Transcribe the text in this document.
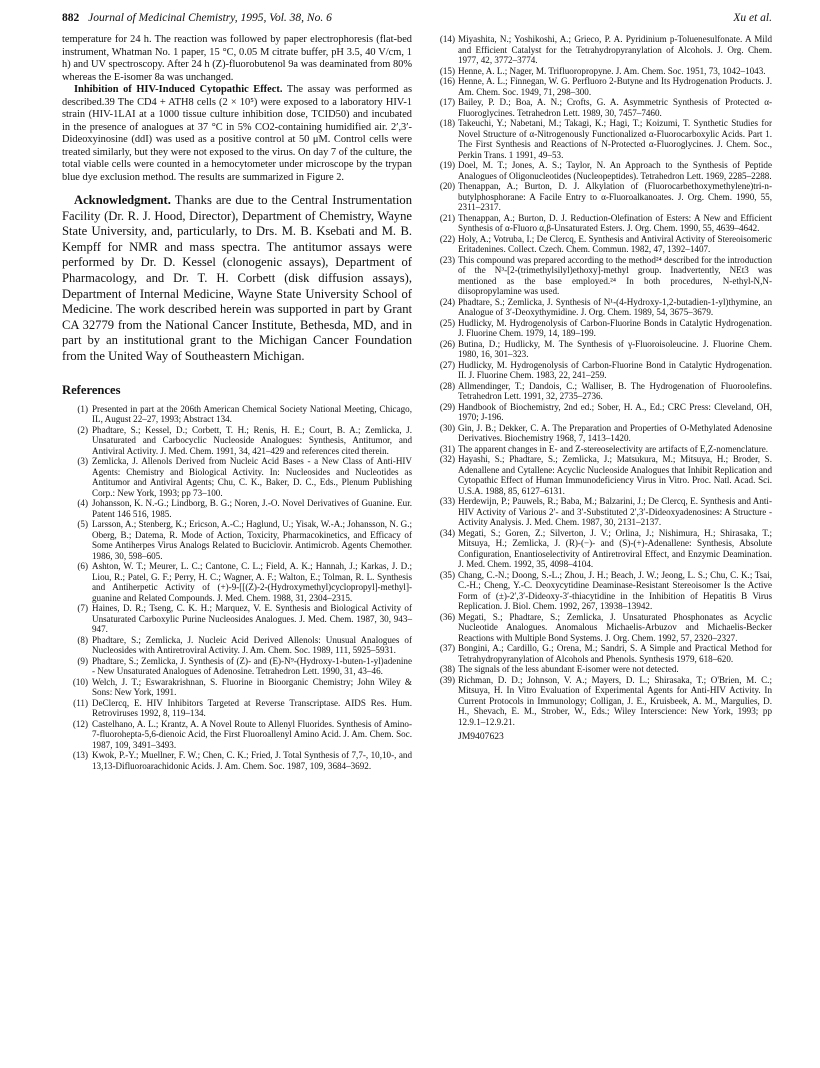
882 Journal of Medicinal Chemistry, 1995, Vol. 38, No. 6	Xu et al.

temperature for 24 h. The reaction was followed by paper electrophoresis (flat-bed instrument, Whatman No. 1 paper, 15 °C, 0.05 M citrate buffer, pH 3.5, 40 V/cm, 1 h) and UV spectroscopy. After 24 h (Z)-fluorobutenol 9a was deaminated from 80% whereas the E-isomer 8a was unchanged.

Inhibition of HIV-Induced Cytopathic Effect. The assay was performed as described.39 The CD4 + ATH8 cells (2 × 10⁵) were exposed to a laboratory HIV-1 strain (HIV-1LAI at a 1000 tissue culture inhibition dose, TCID50) and incubated in the presence of analogues at 37 °C in 5% CO2-containing humidified air. 2′,3′-Dideoxyinosine (ddI) was used as a positive control at 50 μM. Control cells were treated similarly, but they were not exposed to the virus. On day 7 of the culture, the total viable cells were counted in a hemocytometer under microscope by the trypan blue dye exclusion method. The results are summarized in Figure 2.

Acknowledgment. Thanks are due to the Central Instrumentation Facility (Dr. R. J. Hood, Director), Department of Chemistry, Wayne State University, and, particularly, to Drs. M. B. Ksebati and M. B. Kempff for NMR and mass spectra. The antitumor assays were performed by Dr. D. Kessel (clonogenic assays), Department of Pharmacology, and Dr. T. H. Corbett (disk diffusion assays), Department of Internal Medicine, Wayne State University School of Medicine. The work described herein was supported in part by Grant CA 32779 from the National Cancer Institute, Bethesda, MD, and in part by an institutional grant to the Michigan Cancer Foundation from the United Way of Southeastern Michigan.

References

(1) Presented in part at the 206th American Chemical Society National Meeting, Chicago, IL, August 22–27, 1993; Abstract 134.

(2) Phadtare, S.; Kessel, D.; Corbett, T. H.; Renis, H. E.; Court, B. A.; Zemlicka, J. Unsaturated and Carbocyclic Nucleoside Analogues: Synthesis, Antitumor, and Antiviral Activity. J. Med. Chem. 1991, 34, 421–429 and references cited therein.

(3) Zemlicka, J. Allenols Derived from Nucleic Acid Bases - a New Class of Anti-HIV Agents: Chemistry and Biological Activity. In: Nucleosides and Nucleotides as Antitumor and Antiviral Agents; Chu, C. K., Baker, D. C., Eds., Plenum Publishing Corp.: New York, 1993; pp 73–100.

(4) Johansson, K. N.-G.; Lindborg, B. G.; Noren, J.-O. Novel Derivatives of Guanine. Eur. Patent 146 516, 1985.

(5) Larsson, A.; Stenberg, K.; Ericson, A.-C.; Haglund, U.; Yisak, W.-A.; Johansson, N. G.; Oberg, B.; Datema, R. Mode of Action, Toxicity, Pharmacokinetics, and Efficacy of Some Antiherpes Virus Analogs Related to Buciclovir. Antimicrob. Agents Chemother. 1986, 30, 598–605.

(6) Ashton, W. T.; Meurer, L. C.; Cantone, C. L.; Field, A. K.; Hannah, J.; Karkas, J. D.; Liou, R.; Patel, G. F.; Perry, H. C.; Wagner, A. F.; Walton, E.; Tolman, R. L. Synthesis and Antiherpetic Activity of (+)-9-[[(Z)-2-(Hydroxymethyl)cyclopropyl]-methyl]-guanine and Related Compounds. J. Med. Chem. 1988, 31, 2304–2315.

(7) Haines, D. R.; Tseng, C. K. H.; Marquez, V. E. Synthesis and Biological Activity of Unsaturated Carboxylic Purine Nucleosides Analogues. J. Med. Chem. 1987, 30, 943–947.

(8) Phadtare, S.; Zemlicka, J. Nucleic Acid Derived Allenols: Unusual Analogues of Nucleosides with Antiretroviral Activity. J. Am. Chem. Soc. 1989, 111, 5925–5931.

(9) Phadtare, S.; Zemlicka, J. Synthesis of (Z)- and (E)-N⁹-(Hydroxy-1-buten-1-yl)adenine - New Unsaturated Analogues of Adenosine. Tetrahedron Lett. 1990, 31, 43–46.

(10) Welch, J. T.; Eswarakrishnan, S. Fluorine in Bioorganic Chemistry; John Wiley & Sons: New York, 1991.

(11) DeClercq, E. HIV Inhibitors Targeted at Reverse Transcriptase. AIDS Res. Hum. Retroviruses 1992, 8, 119–134.

(12) Castelhano, A. L.; Krantz, A. A Novel Route to Allenyl Fluorides. Synthesis of Amino-7-fluorohepta-5,6-dienoic Acid, the First Fluoroallenyl Amino Acid. J. Am. Chem. Soc. 1987, 109, 3491–3493.

(13) Kwok, P.-Y.; Muellner, F. W.; Chen, C. K.; Fried, J. Total Synthesis of 7,7-, 10,10-, and 13,13-Difluoroarachidonic Acids. J. Am. Chem. Soc. 1987, 109, 3684–3692.

(14) Miyashita, N.; Yoshikoshi, A.; Grieco, P. A. Pyridinium p-Toluenesulfonate. A Mild and Efficient Catalyst for the Tetrahydropyranylation of Alcohols. J. Org. Chem. 1977, 42, 3772–3774.

(15) Henne, A. L.; Nager, M. Trifluoropropyne. J. Am. Chem. Soc. 1951, 73, 1042–1043.

(16) Henne, A. L.; Finnegan, W. G. Perfluoro 2-Butyne and Its Hydrogenation Products. J. Am. Chem. Soc. 1949, 71, 298–300.

(17) Bailey, P. D.; Boa, A. N.; Crofts, G. A. Asymmetric Synthesis of Protected α-Fluoroglycines. Tetrahedron Lett. 1989, 30, 7457–7460.

(18) Takeuchi, Y.; Nabetani, M.; Takagi, K.; Hagi, T.; Koizumi, T. Synthetic Studies for Novel Structure of α-Nitrogenously Functionalized α-Fluorocarboxylic Acids. Part 1. The First Synthesis and Reactions of N-Protected α-Fluoroglycines. J. Chem. Soc., Perkin Trans. 1 1991, 49–53.

(19) Doel, M. T.; Jones, A. S.; Taylor, N. An Approach to the Synthesis of Peptide Analogues of Oligonucleotides (Nucleopeptides). Tetrahedron Lett. 1969, 2285–2288.

(20) Thenappan, A.; Burton, D. J. Alkylation of (Fluorocarbethoxymethylene)tri-n-butylphosphorane: A Facile Entry to α-Fluoroalkanoates. J. Org. Chem. 1990, 55, 2311–2317.

(21) Thenappan, A.; Burton, D. J. Reduction-Olefination of Esters: A New and Efficient Synthesis of α-Fluoro α,β-Unsaturated Esters. J. Org. Chem. 1990, 55, 4639–4642.

(22) Holy, A.; Votruba, I.; De Clercq, E. Synthesis and Antiviral Activity of Stereoisomeric Eritadenines. Collect. Czech. Chem. Commun. 1982, 47, 1392–1407.

(23) This compound was prepared according to the method²⁴ described for the introduction of the N³-[2-(trimethylsilyl)ethoxy]-methyl group. Inadvertently, NEt3 was mentioned as the base employed.²⁴ In both procedures, N-ethyl-N,N-diisopropylamine was used.

(24) Phadtare, S.; Zemlicka, J. Synthesis of N¹-(4-Hydroxy-1,2-butadien-1-yl)thymine, an Analogue of 3′-Deoxythymidine. J. Org. Chem. 1989, 54, 3675–3679.

(25) Hudlicky, M. Hydrogenolysis of Carbon-Fluorine Bonds in Catalytic Hydrogenation. J. Fluorine Chem. 1979, 14, 189–199.

(26) Butina, D.; Hudlicky, M. The Synthesis of γ-Fluoroisoleucine. J. Fluorine Chem. 1980, 16, 301–323.

(27) Hudlicky, M. Hydrogenolysis of Carbon-Fluorine Bond in Catalytic Hydrogenation. II. J. Fluorine Chem. 1983, 22, 241–259.

(28) Allmendinger, T.; Dandois, C.; Walliser, B. The Hydrogenation of Fluoroolefins. Tetrahedron Lett. 1991, 32, 2735–2736.

(29) Handbook of Biochemistry, 2nd ed.; Sober, H. A., Ed.; CRC Press: Cleveland, OH, 1970; J-196.

(30) Gin, J. B.; Dekker, C. A. The Preparation and Properties of O-Methylated Adenosine Derivatives. Biochemistry 1968, 7, 1413–1420.

(31) The apparent changes in E- and Z-stereoselectivity are artifacts of E,Z-nomenclature.

(32) Hayashi, S.; Phadtare, S.; Zemlicka, J.; Matsukura, M.; Mitsuya, H.; Broder, S. Adenallene and Cytallene: Acyclic Nucleoside Analogues that Inhibit Replication and Cytopathic Effect of Human Immunodeficiency Virus in Vitro. Proc. Natl. Acad. Sci. U.S.A. 1988, 85, 6127–6131.

(33) Herdewijn, P.; Pauwels, R.; Baba, M.; Balzarini, J.; De Clercq, E. Synthesis and Anti-HIV Activity of Various 2′- and 3′-Substituted 2′,3′-Dideoxyadenosines: A Structure - Activity Analysis. J. Med. Chem. 1987, 30, 2131–2137.

(34) Megati, S.; Goren, Z.; Silverton, J. V.; Orlina, J.; Nishimura, H.; Shirasaka, T.; Mitsuya, H.; Zemlicka, J. (R)-(−)- and (S)-(+)-Adenallene: Synthesis, Absolute Configuration, Enantioselectivity of Antiretroviral Effect, and Enzymic Deamination. J. Med. Chem. 1992, 35, 4098–4104.

(35) Chang, C.-N.; Doong, S.-L.; Zhou, J. H.; Beach, J. W.; Jeong, L. S.; Chu, C. K.; Tsai, C.-H.; Cheng, Y.-C. Deoxycytidine Deaminase-Resistant Stereoisomer Is the Active Form of (±)-2′,3′-Dideoxy-3′-thiacytidine in the Inhibition of Hepatitis B Virus Replication. J. Biol. Chem. 1992, 267, 13938–13942.

(36) Megati, S.; Phadtare, S.; Zemlicka, J. Unsaturated Phosphonates as Acyclic Nucleotide Analogues. Anomalous Michaelis-Arbuzov and Michaelis-Becker Reactions with Multiple Bond Systems. J. Org. Chem. 1992, 57, 2320–2327.

(37) Bongini, A.; Cardillo, G.; Orena, M.; Sandri, S. A Simple and Practical Method for Tetrahydropyranylation of Alcohols and Phenols. Synthesis 1979, 618–620.

(38) The signals of the less abundant E-isomer were not detected.

(39) Richman, D. D.; Johnson, V. A.; Mayers, D. L.; Shirasaka, T.; O'Brien, M. C.; Mitsuya, H. In Vitro Evaluation of Experimental Agents for Anti-HIV Activity. In Current Protocols in Immunology; Colligan, J. E., Kruisbeek, A. M., Margulies, D. H., Shevach, E. M., Strober, W., Eds.; Wiley Interscience: New York, 1993; pp 12.9.1–12.9.21.

JM9407623
